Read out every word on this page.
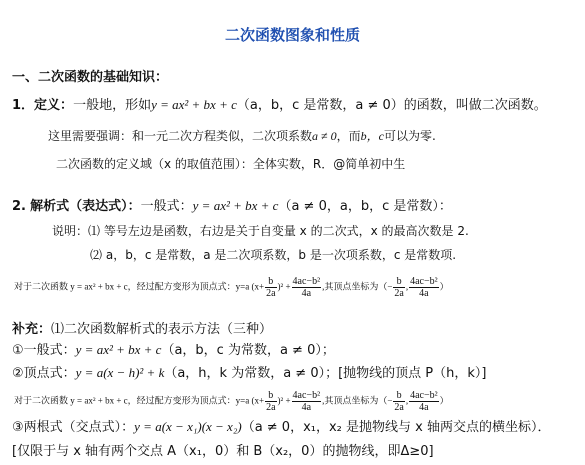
二次函数图象和性质
一、二次函数的基础知识：
1．定义：一般地，形如y = ax² + bx + c（a，b，c 是常数，a ≠ 0）的函数，叫做二次函数。
这里需要强调：和一元二次方程类似，二次项系数a ≠ 0，而b，c可以为零.
二次函数的定义域（x 的取值范围）：全体实数，R．@简单初中生
2. 解析式（表达式）：一般式：y = ax² + bx + c（a ≠ 0，a，b，c 是常数）：
说明：⑴ 等号左边是函数，右边是关于自变量 x 的二次式，x 的最高次数是 2.
⑵ a，b，c 是常数，a 是二次项系数，b 是一次项系数，c 是常数项.
对于二次函数 y = ax² + bx + c，经过配方变形为顶点式：y=a $(x+ \frac{b}{2a} )^2 + \frac{\text{4ac−b²}}{4a}$ ,其顶点坐标为（− $\frac{b}{2a}$ , $\frac{\text{4ac−b²}}{4a}$ ）
补充：⑴二次函数解析式的表示方法（三种）
①一般式：y = ax² + bx + c（a，b，c 为常数，a ≠ 0）；
②顶点式：y = a(x − h)² + k（a，h，k 为常数，a ≠ 0）；[抛物线的顶点 P（h，k）]
对于二次函数 y = ax² + bx + c，经过配方变形为顶点式：y=a $(x+ \frac{b}{2a} )^2 + \frac{\text{4ac−b²}}{4a}$ ,其顶点坐标为（− $\frac{b}{2a}$ , $\frac{\text{4ac−b²}}{4a}$ ）
③两根式（交点式）：y = a(x − x₁)(x − x₂)（a ≠ 0，x₁，x₂ 是抛物线与 x 轴两交点的横坐标）．
[仅限于与 x 轴有两个交点 A（x₁，0）和 B（x₂，0）的抛物线，即Δ≥0]
